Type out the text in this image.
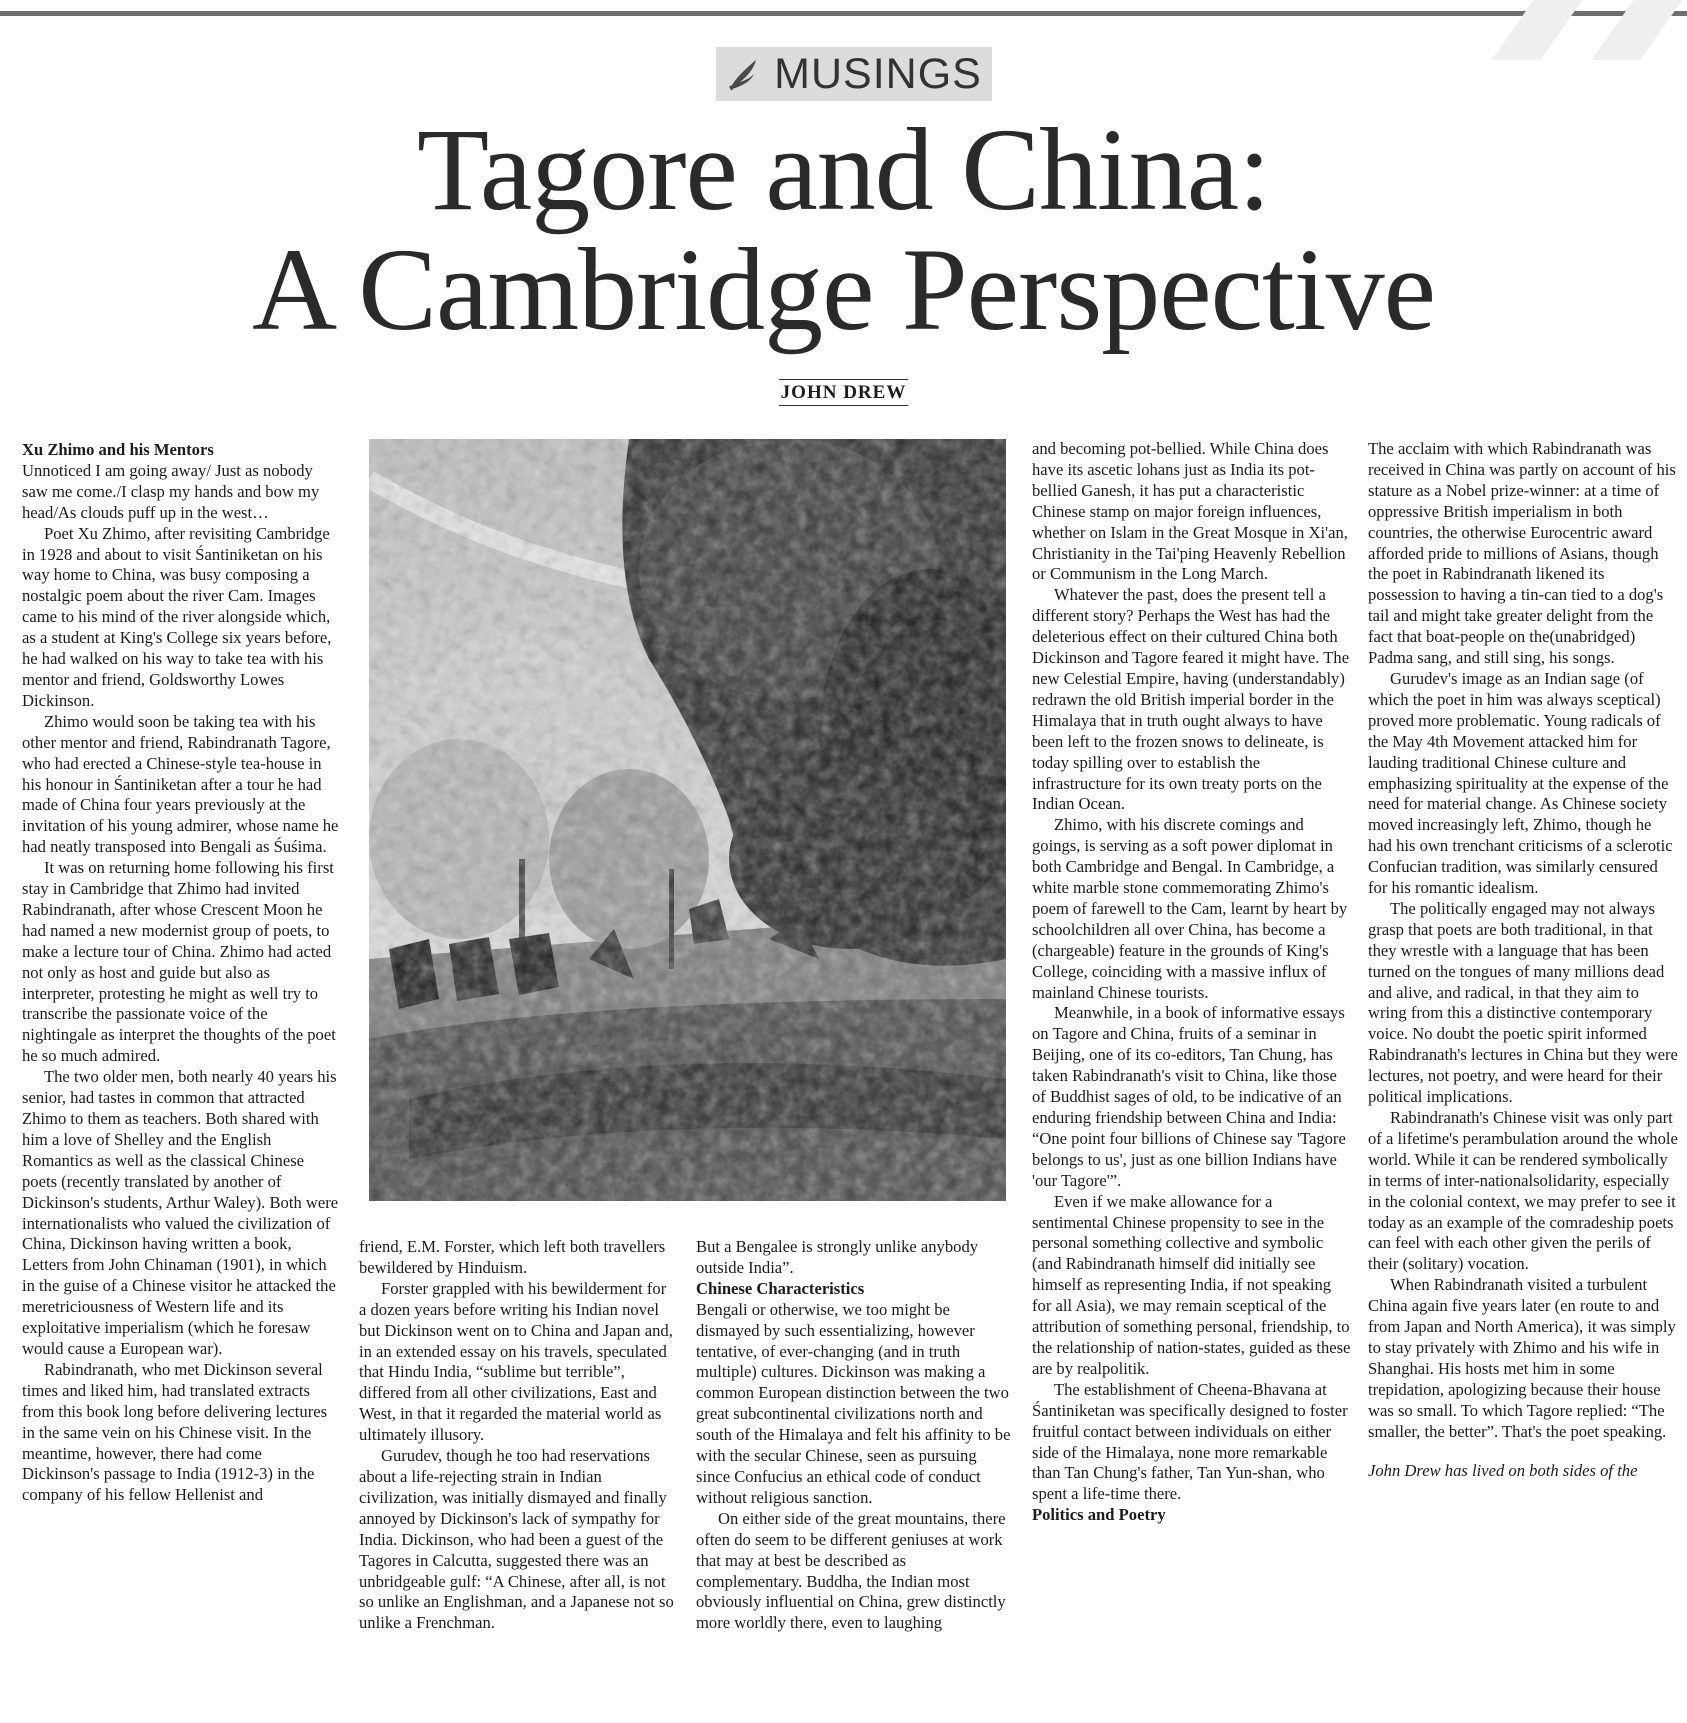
MUSINGS
Tagore and China:
A Cambridge Perspective
JOHN DREW

Xu Zhimo and his Mentors

Unnoticed I am going away/ Just as nobody saw me come./I clasp my hands and bow my head/As clouds puff up in the west…

Poet Xu Zhimo, after revisiting Cambridge in 1928 and about to visit Śantiniketan on his way home to China, was busy composing a nostalgic poem about the river Cam. Images came to his mind of the river alongside which, as a student at King's College six years before, he had walked on his way to take tea with his mentor and friend, Goldsworthy Lowes Dickinson.

Zhimo would soon be taking tea with his other mentor and friend, Rabindranath Tagore, who had erected a Chinese-style tea-house in his honour in Śantiniketan after a tour he had made of China four years previously at the invitation of his young admirer, whose name he had neatly transposed into Bengali as Śuśima.

It was on returning home following his first stay in Cambridge that Zhimo had invited Rabindranath, after whose Crescent Moon he had named a new modernist group of poets, to make a lecture tour of China. Zhimo had acted not only as host and guide but also as interpreter, protesting he might as well try to transcribe the passionate voice of the nightingale as interpret the thoughts of the poet he so much admired.

The two older men, both nearly 40 years his senior, had tastes in common that attracted Zhimo to them as teachers. Both shared with him a love of Shelley and the English Romantics as well as the classical Chinese poets (recently translated by another of Dickinson's students, Arthur Waley). Both were internationalists who valued the civilization of China, Dickinson having written a book, Letters from John Chinaman (1901), in which in the guise of a Chinese visitor he attacked the meretriciousness of Western life and its exploitative imperialism (which he foresaw would cause a European war).

Rabindranath, who met Dickinson several times and liked him, had translated extracts from this book long before delivering lectures in the same vein on his Chinese visit. In the meantime, however, there had come Dickinson's passage to India (1912-3) in the company of his fellow Hellenist and

friend, E.M. Forster, which left both travellers bewildered by Hinduism.

Forster grappled with his bewilderment for a dozen years before writing his Indian novel but Dickinson went on to China and Japan and, in an extended essay on his travels, speculated that Hindu India, “sublime but terrible”, differed from all other civilizations, East and West, in that it regarded the material world as ultimately illusory.

Gurudev, though he too had reservations about a life-rejecting strain in Indian civilization, was initially dismayed and finally annoyed by Dickinson's lack of sympathy for India. Dickinson, who had been a guest of the Tagores in Calcutta, suggested there was an unbridgeable gulf: “A Chinese, after all, is not so unlike an Englishman, and a Japanese not so unlike a Frenchman.

But a Bengalee is strongly unlike anybody outside India”.

Chinese Characteristics

Bengali or otherwise, we too might be dismayed by such essentializing, however tentative, of ever-changing (and in truth multiple) cultures. Dickinson was making a common European distinction between the two great subcontinental civilizations north and south of the Himalaya and felt his affinity to be with the secular Chinese, seen as pursuing since Confucius an ethical code of conduct without religious sanction.

On either side of the great mountains, there often do seem to be different geniuses at work that may at best be described as complementary. Buddha, the Indian most obviously influential on China, grew distinctly more worldly there, even to laughing

and becoming pot-bellied. While China does have its ascetic lohans just as India its pot-bellied Ganesh, it has put a characteristic Chinese stamp on major foreign influences, whether on Islam in the Great Mosque in Xi'an, Christianity in the Tai'ping Heavenly Rebellion or Communism in the Long March.

Whatever the past, does the present tell a different story? Perhaps the West has had the deleterious effect on their cultured China both Dickinson and Tagore feared it might have. The new Celestial Empire, having (understandably) redrawn the old British imperial border in the Himalaya that in truth ought always to have been left to the frozen snows to delineate, is today spilling over to establish the infrastructure for its own treaty ports on the Indian Ocean.

Zhimo, with his discrete comings and goings, is serving as a soft power diplomat in both Cambridge and Bengal. In Cambridge, a white marble stone commemorating Zhimo's poem of farewell to the Cam, learnt by heart by schoolchildren all over China, has become a (chargeable) feature in the grounds of King's College, coinciding with a massive influx of mainland Chinese tourists.

Meanwhile, in a book of informative essays on Tagore and China, fruits of a seminar in Beijing, one of its co-editors, Tan Chung, has taken Rabindranath's visit to China, like those of Buddhist sages of old, to be indicative of an enduring friendship between China and India: “One point four billions of Chinese say 'Tagore belongs to us', just as one billion Indians have 'our Tagore'”.

Even if we make allowance for a sentimental Chinese propensity to see in the personal something collective and symbolic (and Rabindranath himself did initially see himself as representing India, if not speaking for all Asia), we may remain sceptical of the attribution of something personal, friendship, to the relationship of nation-states, guided as these are by realpolitik.

The establishment of Cheena-Bhavana at Śantiniketan was specifically designed to foster fruitful contact between individuals on either side of the Himalaya, none more remarkable than Tan Chung's father, Tan Yun-shan, who spent a life-time there.

Politics and Poetry

The acclaim with which Rabindranath was received in China was partly on account of his stature as a Nobel prize-winner: at a time of oppressive British imperialism in both countries, the otherwise Eurocentric award afforded pride to millions of Asians, though the poet in Rabindranath likened its possession to having a tin-can tied to a dog's tail and might take greater delight from the fact that boat-people on the(unabridged) Padma sang, and still sing, his songs.

Gurudev's image as an Indian sage (of which the poet in him was always sceptical) proved more problematic. Young radicals of the May 4th Movement attacked him for lauding traditional Chinese culture and emphasizing spirituality at the expense of the need for material change. As Chinese society moved increasingly left, Zhimo, though he had his own trenchant criticisms of a sclerotic Confucian tradition, was similarly censured for his romantic idealism.

The politically engaged may not always grasp that poets are both traditional, in that they wrestle with a language that has been turned on the tongues of many millions dead and alive, and radical, in that they aim to wring from this a distinctive contemporary voice. No doubt the poetic spirit informed Rabindranath's lectures in China but they were lectures, not poetry, and were heard for their political implications.

Rabindranath's Chinese visit was only part of a lifetime's perambulation around the whole world. While it can be rendered symbolically in terms of inter-nationalsolidarity, especially in the colonial context, we may prefer to see it today as an example of the comradeship poets can feel with each other given the perils of their (solitary) vocation.

When Rabindranath visited a turbulent China again five years later (en route to and from Japan and North America), it was simply to stay privately with Zhimo and his wife in Shanghai. His hosts met him in some trepidation, apologizing because their house was so small. To which Tagore replied: “The smaller, the better”. That's the poet speaking.

John Drew has lived on both sides of the
